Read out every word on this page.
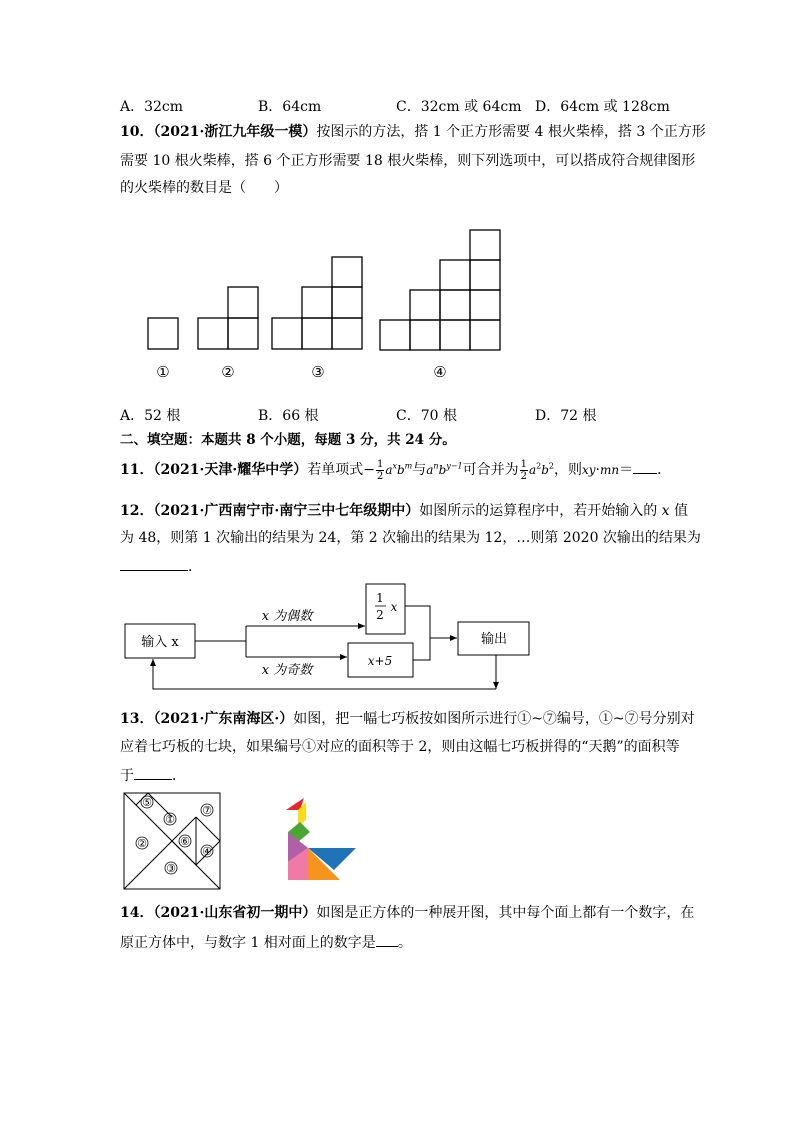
A．32cm	B．64cm	C．32cm 或 64cm D．64cm 或 128cm
10．（2021·浙江九年级一模）按图示的方法，搭 1 个正方形需要 4 根火柴棒，搭 3 个正方形
需要 10 根火柴棒，搭 6 个正方形需要 18 根火柴棒，则下列选项中，可以搭成符合规律图形
的火柴棒的数目是（　　）
①	②	③	④
A．52 根	B．66 根	C．70 根	D．72 根
二、填空题：本题共 8 个小题，每题 3 分，共 24 分。
11．（2021·天津·耀华中学）若单项式− $\frac{1}{2} a^xb^m$与$a^nb^{y-1}$可合并为 $\frac{1}{2} a^2b^2$，则xy·mn＝ ．
12．（2021·广西南宁市·南宁三中七年级期中）如图所示的运算程序中，若开始输入的 x 值
为 48，则第 1 次输出的结果为 24，第 2 次输出的结果为 12，…则第 2020 次输出的结果为
．
输入 x
x 为偶数
x 为奇数
1
2
x
x+5
输出
13．（2021·广东南海区·）如图，把一幅七巧板按如图所示进行①~⑦编号，①~⑦号分别对
应着七巧板的七块，如果编号①对应的面积等于 2，则由这幅七巧板拼得的“天鹅”的面积等
于	．
⑤
⑦
①
⑥
②
④
③
14．（2021·山东省初一期中）如图是正方体的一种展开图，其中每个面上都有一个数字，在
原正方体中，与数字 1 相对面上的数字是 。
